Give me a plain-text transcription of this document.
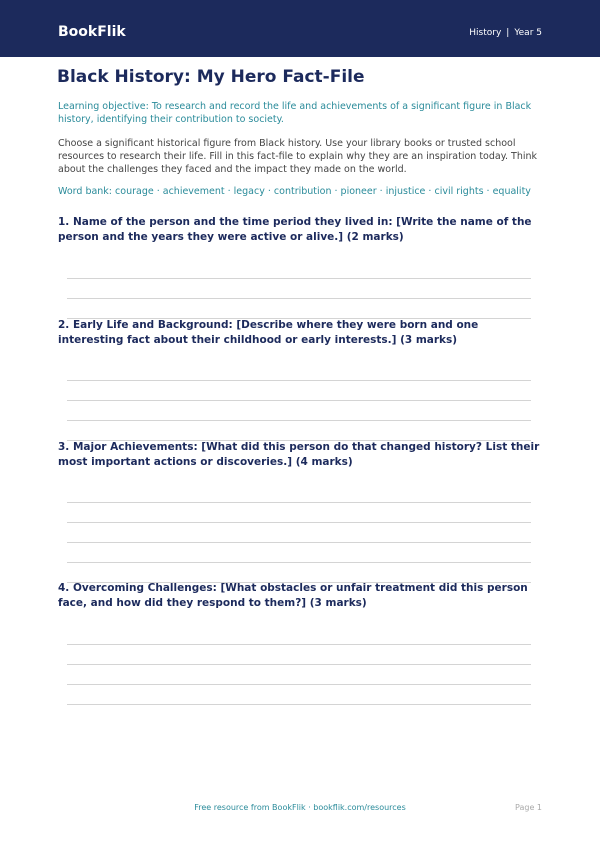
BookFlik	History | Year 5
Black History: My Hero Fact-File
Learning objective: To research and record the life and achievements of a significant figure in Black history, identifying their contribution to society.
Choose a significant historical figure from Black history. Use your library books or trusted school resources to research their life. Fill in this fact-file to explain why they are an inspiration today. Think about the challenges they faced and the impact they made on the world.
Word bank: courage · achievement · legacy · contribution · pioneer · injustice · civil rights · equality
1. Name of the person and the time period they lived in: [Write the name of the person and the years they were active or alive.] (2 marks)
2. Early Life and Background: [Describe where they were born and one interesting fact about their childhood or early interests.] (3 marks)
3. Major Achievements: [What did this person do that changed history? List their most important actions or discoveries.] (4 marks)
4. Overcoming Challenges: [What obstacles or unfair treatment did this person face, and how did they respond to them?] (3 marks)
Free resource from BookFlik · bookflik.com/resources	Page 1
